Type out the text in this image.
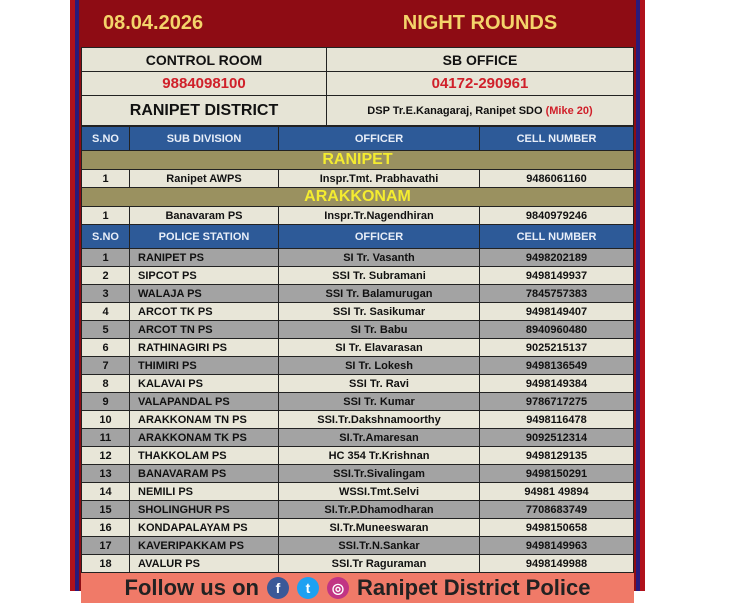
08.04.2026	NIGHT ROUNDS
CONTROL ROOM	SB OFFICE
9884098100	04172-290961
RANIPET DISTRICT	DSP Tr.E.Kanagaraj, Ranipet SDO (Mike 20)
S.NO	SUB DIVISION	OFFICER	CELL NUMBER
RANIPET			
1	Ranipet AWPS	Inspr.Tmt. Prabhavathi	9486061160
ARAKKONAM			
1	Banavaram PS	Inspr.Tr.Nagendhiran	9840979246
S.NO	POLICE STATION	OFFICER	CELL NUMBER
1	RANIPET PS	SI Tr. Vasanth	9498202189
2	SIPCOT PS	SSI Tr. Subramani	9498149937
3	WALAJA PS	SSI Tr. Balamurugan	7845757383
4	ARCOT TK PS	SSI Tr. Sasikumar	9498149407
5	ARCOT TN PS	SI Tr. Babu	8940960480
6	RATHINAGIRI PS	SI Tr. Elavarasan	9025215137
7	THIMIRI PS	SI Tr. Lokesh	9498136549
8	KALAVAI PS	SSI Tr. Ravi	9498149384
9	VALAPANDAL PS	SSI Tr. Kumar	9786717275
10	ARAKKONAM TN PS	SSI.Tr.Dakshnamoorthy	9498116478
11	ARAKKONAM TK PS	SI.Tr.Amaresan	9092512314
12	THAKKOLAM PS	HC 354 Tr.Krishnan	9498129135
13	BANAVARAM PS	SSI.Tr.Sivalingam	9498150291
14	NEMILI PS	WSSI.Tmt.Selvi	94981 49894
15	SHOLINGHUR PS	SI.Tr.P.Dhamodharan	7708683749
16	KONDAPALAYAM PS	SI.Tr.Muneeswaran	9498150658
17	KAVERIPAKKAM PS	SSI.Tr.N.Sankar	9498149963
18	AVALUR PS	SSI.Tr Raguraman	9498149988
Follow us on	f	t	◎ Ranipet District Police
